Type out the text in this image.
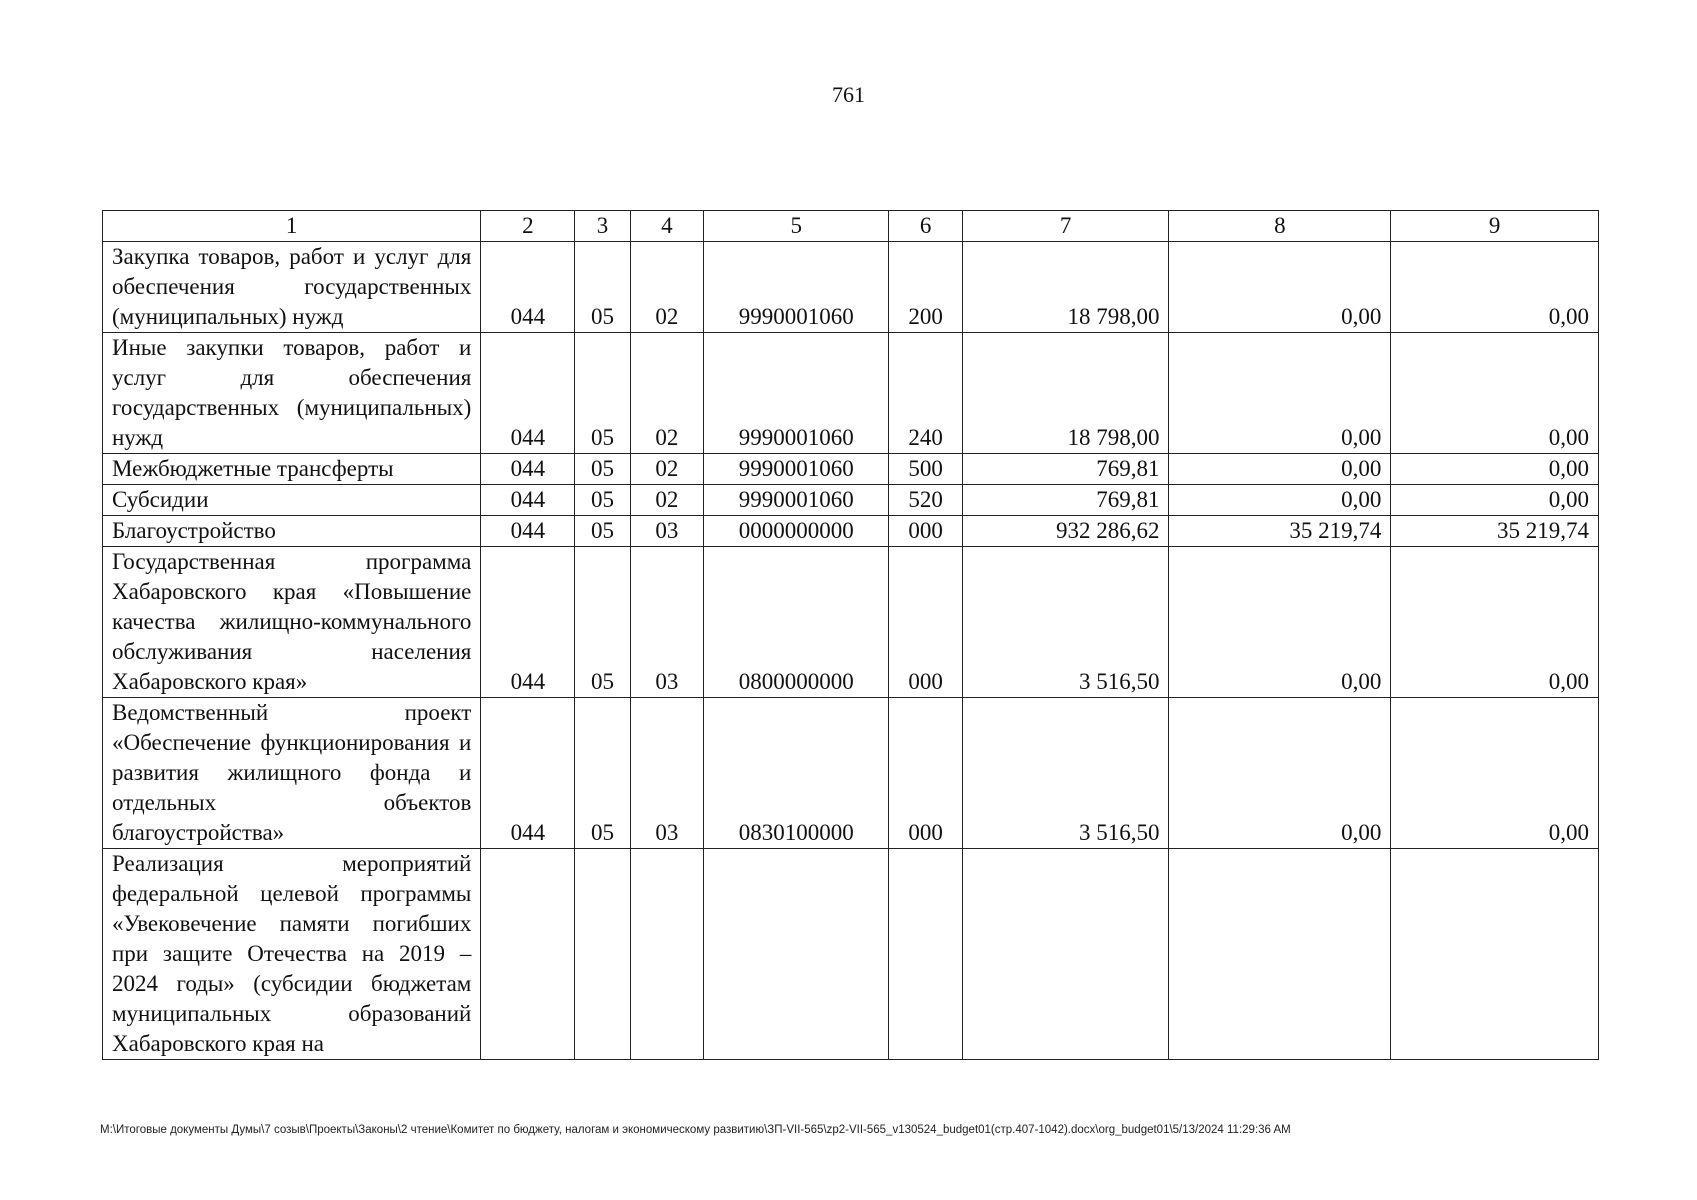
761
1	2	3	4	5	6	7	8	9
Закупка товаров, работ и услуг для обеспечения государственных (муниципальных) нужд	044	05	02	9990001060	200	18 798,00	0,00	0,00
Иные закупки товаров, работ и услуг для обеспечения государственных (муниципальных) нужд	044	05	02	9990001060	240	18 798,00	0,00	0,00
Межбюджетные трансферты	044	05	02	9990001060	500	769,81	0,00	0,00
Субсидии	044	05	02	9990001060	520	769,81	0,00	0,00
Благоустройство	044	05	03	0000000000	000	932 286,62	35 219,74	35 219,74
Государственная программа Хабаровского края «Повышение качества жилищно-коммунального обслуживания населения Хабаровского края»	044	05	03	0800000000	000	3 516,50	0,00	0,00
Ведомственный проект «Обеспечение функционирования и развития жилищного фонда и отдельных объектов благоустройства»	044	05	03	0830100000	000	3 516,50	0,00	0,00
Реализация мероприятий федеральной целевой программы «Увековечение памяти погибших при защите Отечества на 2019 – 2024 годы» (субсидии бюджетам муниципальных образований Хабаровского края на								
M:\Итоговые документы Думы\7 созыв\Проекты\Законы\2 чтение\Комитет по бюджету, налогам и экономическому развитию\ЗП-VII-565\zp2-VII-565_v130524_budget01(стр.407-1042).docx\org_budget01\5/13/2024 11:29:36 AM
